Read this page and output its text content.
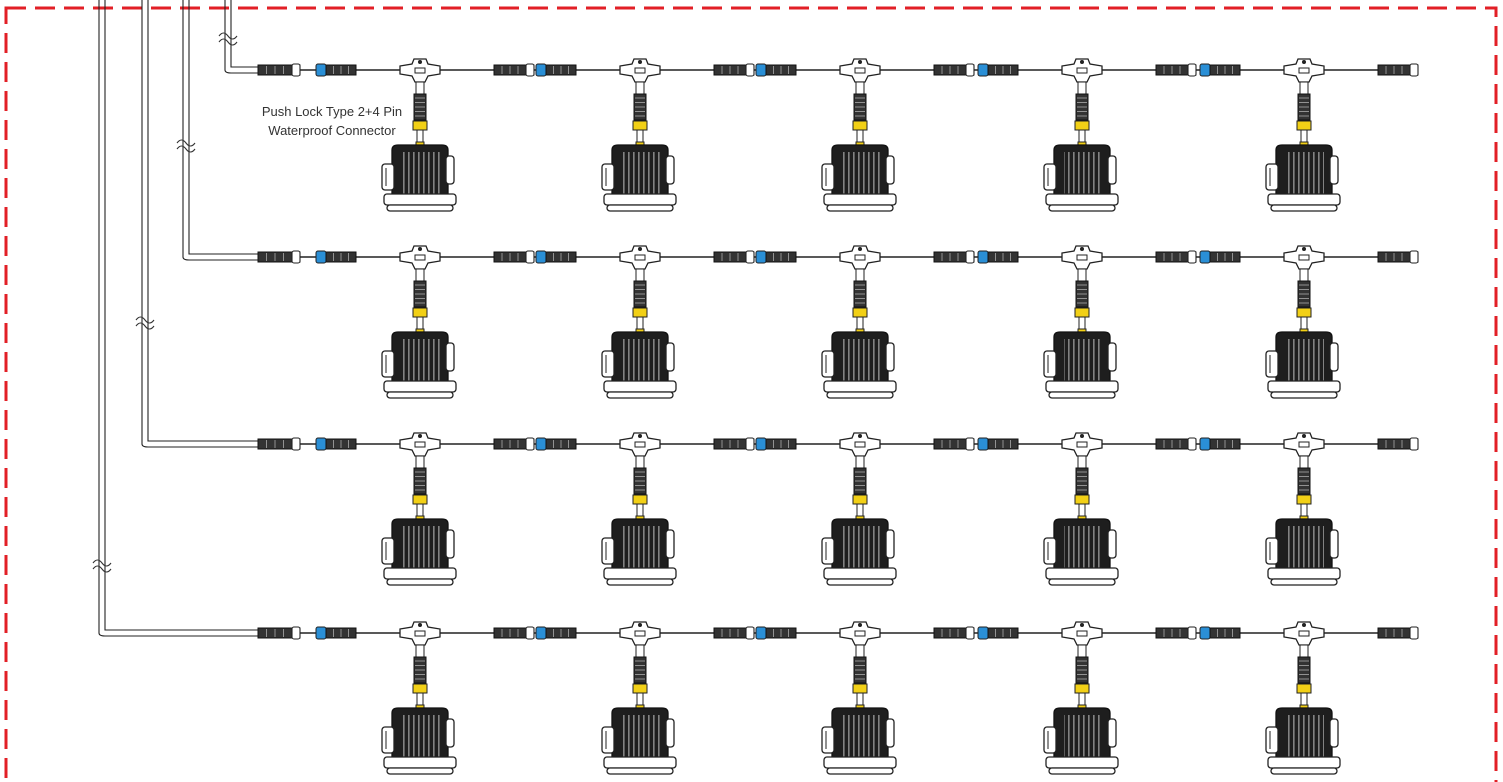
Push Lock Type 2+4 Pin
Waterproof Connector
